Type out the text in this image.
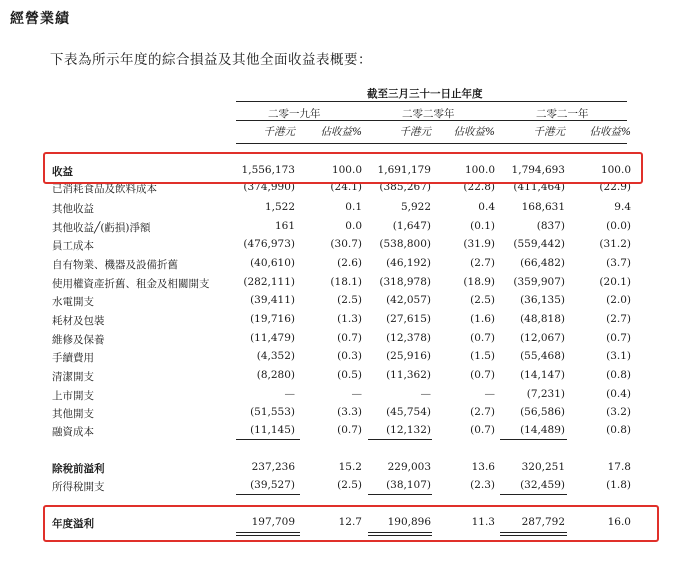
經營業績
下表為所示年度的綜合損益及其他全面收益表概要：
截至三月三十一日止年度
二零一九年	二零二零年	二零二一年
千港元 佔收益%	千港元 佔收益%	千港元 佔收益%
收益	1,556,173	100.0 1,691,179	100.0 1,794,693	100.0
已消耗食品及飲料成本	(374,990)	(24.1) (385,267)	(22.8) (411,464)	(22.9)
其他收益	1,522	0.1	5,922	0.4	168,631	9.4
其他收益╱(虧損)淨額	161	0.0	(1,647)	(0.1)	(837)	(0.0)
員工成本	(476,973)	(30.7) (538,800)	(31.9) (559,442)	(31.2)
自有物業、機器及設備折舊	(40,610)	(2.6) (46,192)	(2.7) (66,482)	(3.7)
使用權資產折舊、租金及相關開支	(282,111)	(18.1) (318,978)	(18.9) (359,907)	(20.1)
水電開支	(39,411)	(2.5) (42,057)	(2.5) (36,135)	(2.0)
耗材及包裝	(19,716)	(1.3) (27,615)	(1.6) (48,818)	(2.7)
維修及保養	(11,479)	(0.7) (12,378)	(0.7) (12,067)	(0.7)
手續費用	(4,352)	(0.3) (25,916)	(1.5) (55,468)	(3.1)
清潔開支	(8,280)	(0.5) (11,362)	(0.7) (14,147)	(0.8)
上市開支	—	—	—	—	(7,231)	(0.4)
其他開支	(51,553)	(3.3) (45,754)	(2.7) (56,586)	(3.2)
融資成本	(11,145)	(0.7) (12,132)	(0.7) (14,489)	(0.8)
除稅前溢利	237,236	15.2 229,003	13.6	320,251	17.8
所得稅開支	(39,527)	(2.5) (38,107)	(2.3) (32,459)	(1.8)
年度溢利	197,709	12.7 190,896	11.3	287,792	16.0
